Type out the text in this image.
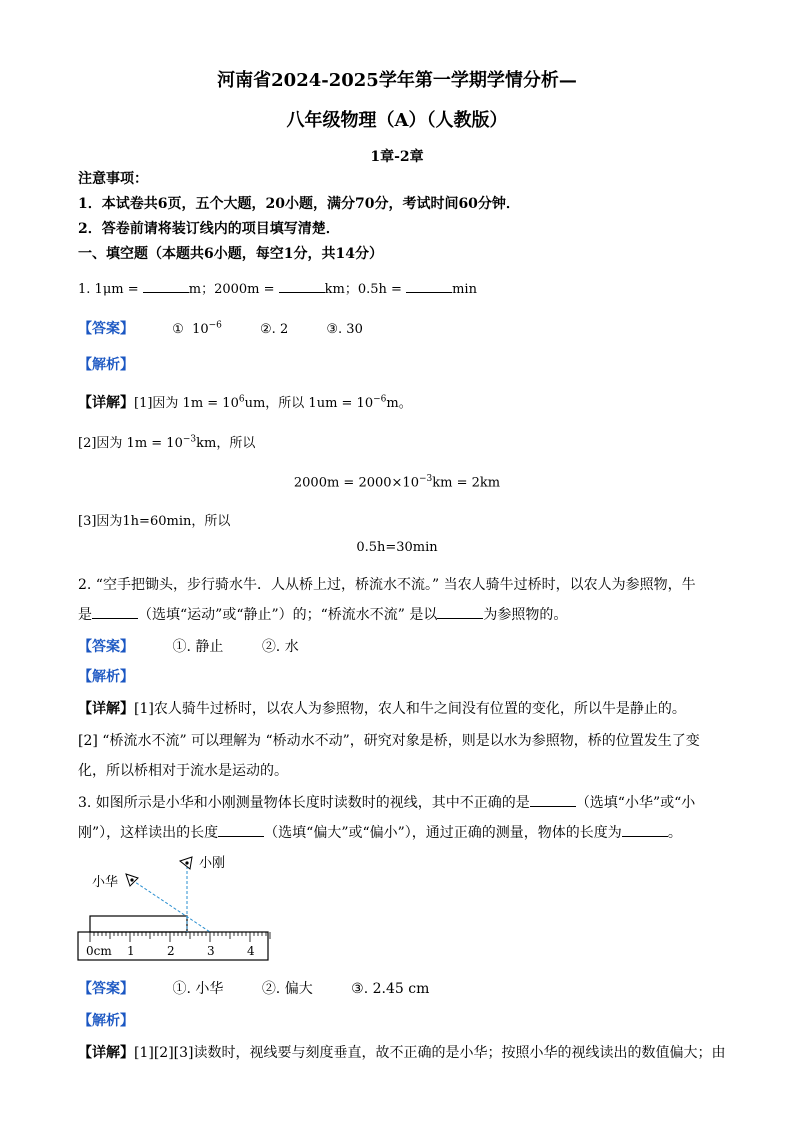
河南省2024-2025学年第一学期学情分析—
八年级物理（A）（人教版）
1章-2章
注意事项：
1．本试卷共6页，五个大题，20小题，满分70分，考试时间60分钟．
2．答卷前请将装订线内的项目填写清楚．
一、填空题（本题共6小题，每空1分，共14分）
1. 1μm =	m；2000m =	km；0.5h =	min
【答案】	① $10^{-6}$	②. 2	③. 30
【解析】
【详解】[1]因为 $1m = 10^6um$，所以 $1um = 10^{-6}m$。
[2]因为 $1m = 10^{-3}km$，所以
$2000m = 2000\times 10^{-3}km = 2km$
[3]因为1h=60min，所以
0.5h=30min
2. “空手把锄头，步行骑水牛．人从桥上过，桥流水不流。” 当农人骑牛过桥时，以农人为参照物，牛
是	（选填“运动”或“静止”）的；“桥流水不流” 是以	为参照物的。
【答案】	①. 静止	②. 水
【解析】
【详解】[1]农人骑牛过桥时，以农人为参照物，农人和牛之间没有位置的变化，所以牛是静止的。
[2] “桥流水不流” 可以理解为 “桥动水不动”，研究对象是桥，则是以水为参照物，桥的位置发生了变
化，所以桥相对于流水是运动的。
3. 如图所示是小华和小刚测量物体长度时读数时的视线，其中不正确的是	（选填“小华”或“小
刚”），这样读出的长度	（选填“偏大”或“偏小”），通过正确的测量，物体的长度为	。
小华
小刚
0cm 1	2	3	4
【答案】	①. 小华	②. 偏大	③. 2.45 cm
【解析】
【详解】[1][2][3]读数时，视线要与刻度垂直，故不正确的是小华；按照小华的视线读出的数值偏大；由
